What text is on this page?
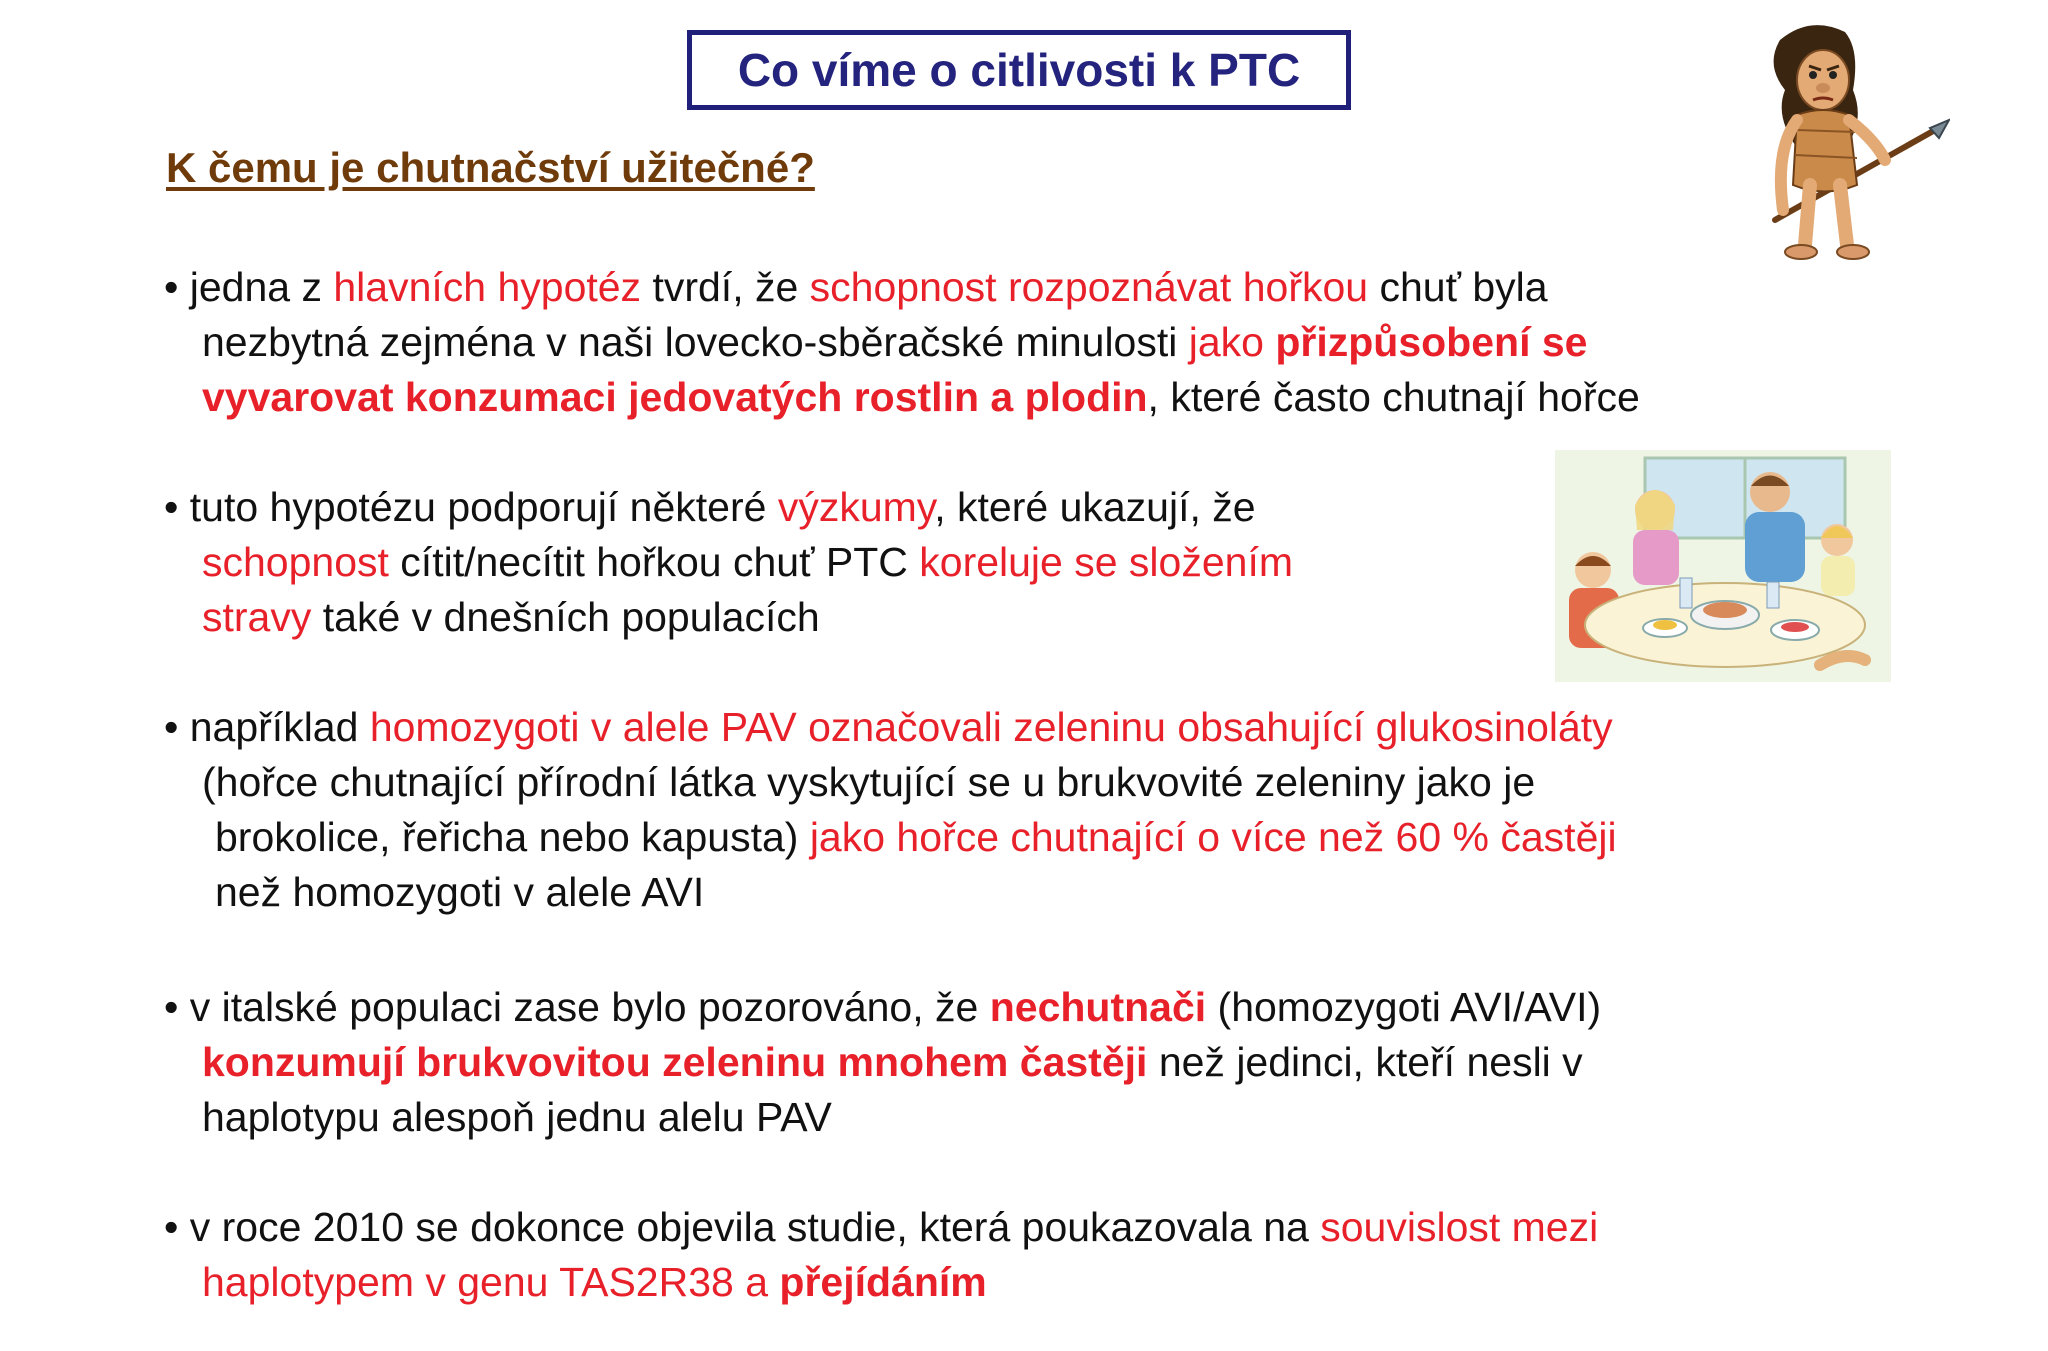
Co víme o citlivosti k PTC
K čemu je chutnačství užitečné?
• jedna z hlavních hypotéz tvrdí, že schopnost rozpoznávat hořkou chuť byla
nezbytná zejména v naši lovecko-sběračské minulosti jako přizpůsobení se
vyvarovat konzumaci jedovatých rostlin a plodin, které často chutnají hořce
• tuto hypotézu podporují některé výzkumy, které ukazují, že
schopnost cítit/necítit hořkou chuť PTC koreluje se složením
stravy také v dnešních populacích
• například homozygoti v alele PAV označovali zeleninu obsahující glukosinoláty
(hořce chutnající přírodní látka vyskytující se u brukvovité zeleniny jako je
brokolice, řeřicha nebo kapusta) jako hořce chutnající o více než 60 % častěji
než homozygoti v alele AVI
• v italské populaci zase bylo pozorováno, že nechutnači (homozygoti AVI/AVI)
konzumují brukvovitou zeleninu mnohem častěji než jedinci, kteří nesli v
haplotypu alespoň jednu alelu PAV
• v roce 2010 se dokonce objevila studie, která poukazovala na souvislost mezi
haplotypem v genu TAS2R38 a přejídáním
